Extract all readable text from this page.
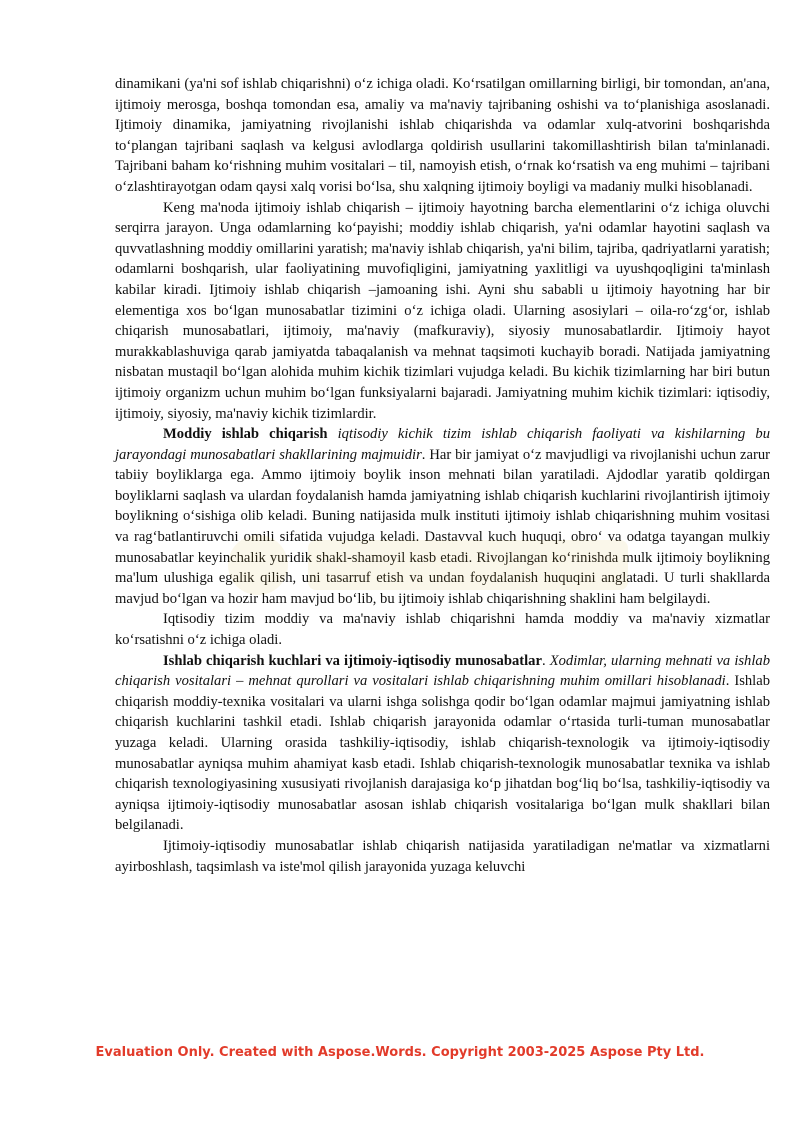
dinamikani (ya'ni sof ishlab chiqarishni) o‘z ichiga oladi. Ko‘rsatilgan omillarning birligi, bir tomondan, an'ana, ijtimoiy merosga, boshqa tomondan esa, amaliy va ma'naviy tajribaning oshishi va to‘planishiga asoslanadi. Ijtimoiy dinamika, jamiyatning rivojlanishi ishlab chiqarishda va odamlar xulq-atvorini boshqarishda to‘plangan tajribani saqlash va kelgusi avlodlarga qoldirish usullarini takomillashtirish bilan ta'minlanadi. Tajribani baham ko‘rishning muhim vositalari – til, namoyish etish, o‘rnak ko‘rsatish va eng muhimi – tajribani o‘zlashtirayotgan odam qaysi xalq vorisi bo‘lsa, shu xalqning ijtimoiy boyligi va madaniy mulki hisoblanadi.

Keng ma'noda ijtimoiy ishlab chiqarish – ijtimoiy hayotning barcha elementlarini o‘z ichiga oluvchi serqirra jarayon. Unga odamlarning ko‘payishi; moddiy ishlab chiqarish, ya'ni odamlar hayotini saqlash va quvvatlashning moddiy omillarini yaratish; ma'naviy ishlab chiqarish, ya'ni bilim, tajriba, qadriyatlarni yaratish; odamlarni boshqarish, ular faoliyatining muvofiqligini, jamiyatning yaxlitligi va uyushqoqligini ta'minlash kabilar kiradi. Ijtimoiy ishlab chiqarish –jamoaning ishi. Ayni shu sababli u ijtimoiy hayotning har bir elementiga xos bo‘lgan munosabatlar tizimini o‘z ichiga oladi. Ularning asosiylari – oila-ro‘zg‘or, ishlab chiqarish munosabatlari, ijtimoiy, ma'naviy (mafkuraviy), siyosiy munosabatlardir. Ijtimoiy hayot murakkablashuviga qarab jamiyatda tabaqalanish va mehnat taqsimoti kuchayib boradi. Natijada jamiyatning nisbatan mustaqil bo‘lgan alohida muhim kichik tizimlari vujudga keladi. Bu kichik tizimlarning har biri butun ijtimoiy organizm uchun muhim bo‘lgan funksiyalarni bajaradi. Jamiyatning muhim kichik tizimlari: iqtisodiy, ijtimoiy, siyosiy, ma'naviy kichik tizimlardir.

Moddiy ishlab chiqarish iqtisodiy kichik tizim ishlab chiqarish faoliyati va kishilarning bu jarayondagi munosabatlari shakllarining majmuidir. Har bir jamiyat o‘z mavjudligi va rivojlanishi uchun zarur tabiiy boyliklarga ega. Ammo ijtimoiy boylik inson mehnati bilan yaratiladi. Ajdodlar yaratib qoldirgan boyliklarni saqlash va ulardan foydalanish hamda jamiyatning ishlab chiqarish kuchlarini rivojlantirish ijtimoiy boylikning o‘sishiga olib keladi. Buning natijasida mulk instituti ijtimoiy ishlab chiqarishning muhim vositasi va rag‘batlantiruvchi omili sifatida vujudga keladi. Dastavval kuch huquqi, obro‘ va odatga tayangan mulkiy munosabatlar keyinchalik yuridik shakl-shamoyil kasb etadi. Rivojlangan ko‘rinishda mulk ijtimoiy boylikning ma'lum ulushiga egalik qilish, uni tasarruf etish va undan foydalanish huquqini anglatadi. U turli shakllarda mavjud bo‘lgan va hozir ham mavjud bo‘lib, bu ijtimoiy ishlab chiqarishning shaklini ham belgilaydi.

Iqtisodiy tizim moddiy va ma'naviy ishlab chiqarishni hamda moddiy va ma'naviy xizmatlar ko‘rsatishni o‘z ichiga oladi.

Ishlab chiqarish kuchlari va ijtimoiy-iqtisodiy munosabatlar. Xodimlar, ularning mehnati va ishlab chiqarish vositalari – mehnat qurollari va vositalari ishlab chiqarishning muhim omillari hisoblanadi. Ishlab chiqarish moddiy-texnika vositalari va ularni ishga solishga qodir bo‘lgan odamlar majmui jamiyatning ishlab chiqarish kuchlarini tashkil etadi. Ishlab chiqarish jarayonida odamlar o‘rtasida turli-tuman munosabatlar yuzaga keladi. Ularning orasida tashkiliy-iqtisodiy, ishlab chiqarish-texnologik va ijtimoiy-iqtisodiy munosabatlar ayniqsa muhim ahamiyat kasb etadi. Ishlab chiqarish-texnologik munosabatlar texnika va ishlab chiqarish texnologiyasining xususiyati rivojlanish darajasiga ko‘p jihatdan bog‘liq bo‘lsa, tashkiliy-iqtisodiy va ayniqsa ijtimoiy-iqtisodiy munosabatlar asosan ishlab chiqarish vositalariga bo‘lgan mulk shakllari bilan belgilanadi.

Ijtimoiy-iqtisodiy munosabatlar ishlab chiqarish natijasida yaratiladigan ne'matlar va xizmatlarni ayirboshlash, taqsimlash va iste'mol qilish jarayonida yuzaga keluvchi

Evaluation Only. Created with Aspose.Words. Copyright 2003-2025 Aspose Pty Ltd.
